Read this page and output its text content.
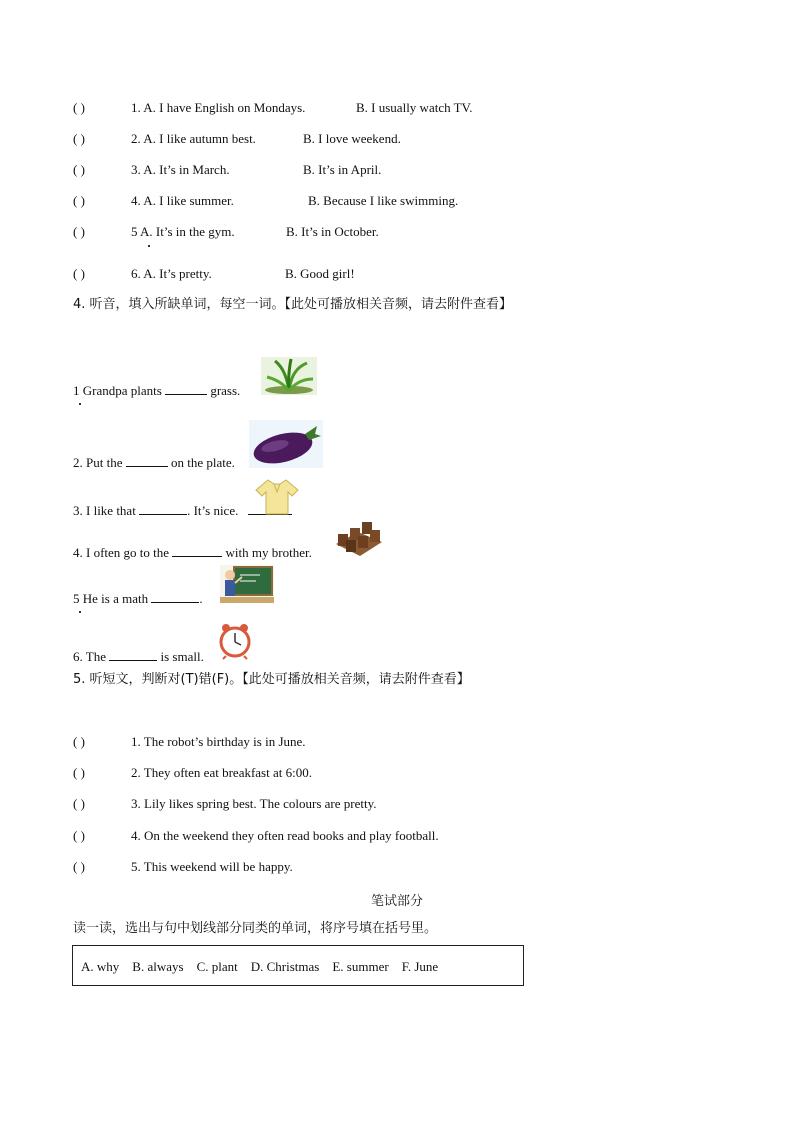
( )	1. A. I have English on Mondays.	B. I usually watch TV.
( )	2. A. I like autumn best.	B. I love weekend.
( )	3. A. It’s in March.	B. It’s in April.
( )	4. A. I like summer.	B. Because I like swimming.
( )	5 A. It’s in the gym.	B. It’s in October.
( )	6. A. It’s pretty.	B. Good girl!
4. 听音，填入所缺单词，每空一词。【此处可播放相关音频，请去附件查看】
1 Grandpa plants	grass.
2. Put the	on the plate.
3. I like that	. It’s nice.
4. I often go to the	with my brother.
5 He is a math	.
6. The	is small.
5. 听短文，判断对(T)错(F)。【此处可播放相关音频，请去附件查看】
( )	1. The robot’s birthday is in June.
( )	2. They often eat breakfast at 6:00.
( )	3. Lily likes spring best. The colours are pretty.
( )	4. On the weekend they often read books and play football.
( )	5. This weekend will be happy.
笔试部分
读一读，选出与句中划线部分同类的单词，将序号填在括号里。
A. why B. always C. plant D. Christmas E. summer F. June
